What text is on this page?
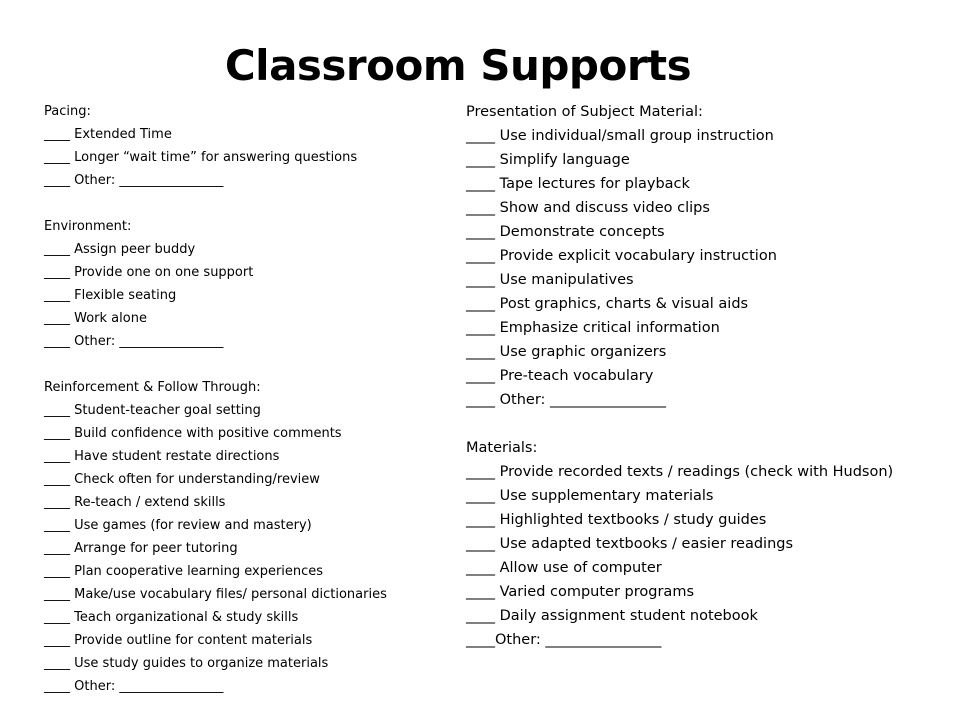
Classroom Supports
Pacing:
____ Extended Time
____ Longer “wait time” for answering questions
____ Other: ________________
Environment:
____ Assign peer buddy
____ Provide one on one support
____ Flexible seating
____ Work alone
____ Other: ________________
Reinforcement & Follow Through:
____ Student-teacher goal setting
____ Build confidence with positive comments
____ Have student restate directions
____ Check often for understanding/review
____ Re-teach / extend skills
____ Use games (for review and mastery)
____ Arrange for peer tutoring
____ Plan cooperative learning experiences
____ Make/use vocabulary files/ personal dictionaries
____ Teach organizational & study skills
____ Provide outline for content materials
____ Use study guides to organize materials
____ Other: ________________
Presentation of Subject Material:
____ Use individual/small group instruction
____ Simplify language
____ Tape lectures for playback
____ Show and discuss video clips
____ Demonstrate concepts
____ Provide explicit vocabulary instruction
____ Use manipulatives
____ Post graphics, charts & visual aids
____ Emphasize critical information
____ Use graphic organizers
____ Pre-teach vocabulary
____ Other: ________________
Materials:
____ Provide recorded texts / readings (check with Hudson)
____ Use supplementary materials
____ Highlighted textbooks / study guides
____ Use adapted textbooks / easier readings
____ Allow use of computer
____ Varied computer programs
____ Daily assignment student notebook
____Other: ________________
